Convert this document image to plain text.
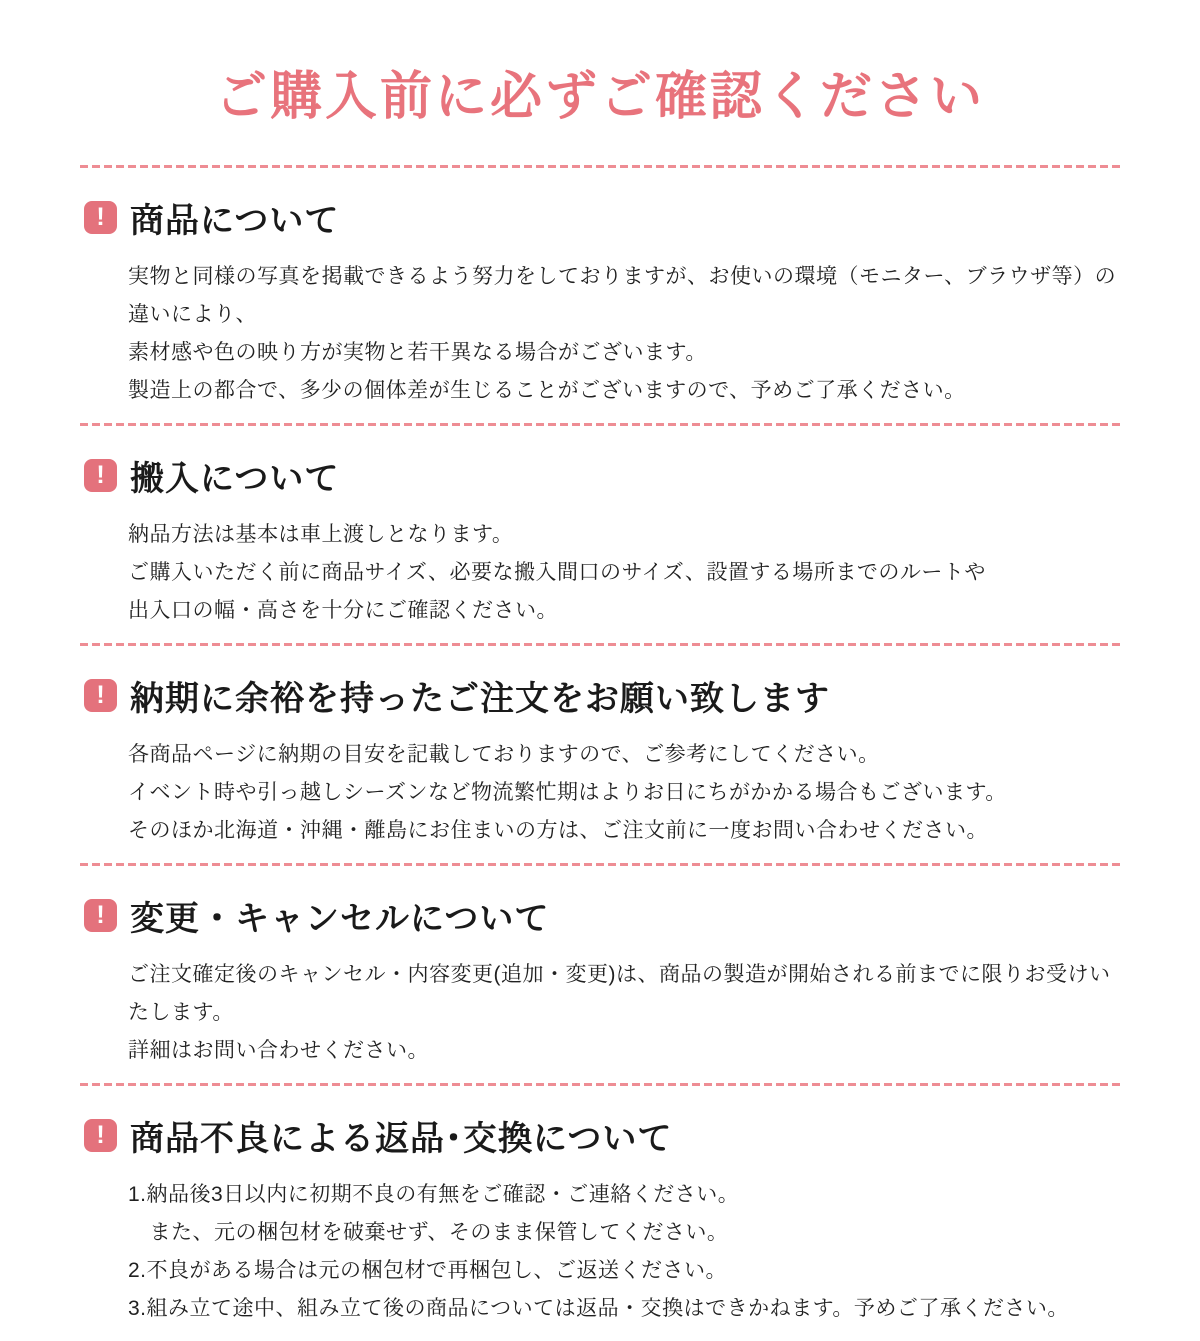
ご購入前に必ずご確認ください
! 商品について

実物と同様の写真を掲載できるよう努力をしておりますが、お使いの環境（モニター、ブラウザ等）の違いにより、

素材感や色の映り方が実物と若干異なる場合がございます。

製造上の都合で、多少の個体差が生じることがございますので、予めご了承ください。

! 搬入について

納品方法は基本は車上渡しとなります。

ご購入いただく前に商品サイズ、必要な搬入間口のサイズ、設置する場所までのルートや

出入口の幅・高さを十分にご確認ください。

! 納期に余裕を持ったご注文をお願い致します

各商品ページに納期の目安を記載しておりますので、ご参考にしてください。

イベント時や引っ越しシーズンなど物流繁忙期はよりお日にちがかかる場合もございます。

そのほか北海道・沖縄・離島にお住まいの方は、ご注文前に一度お問い合わせください。

! 変更・キャンセルについて

ご注文確定後のキャンセル・内容変更(追加・変更)は、商品の製造が開始される前までに限りお受けいたします。

詳細はお問い合わせください。

! 商品不良による返品･交換について

1.納品後3日以内に初期不良の有無をご確認・ご連絡ください。

　また、元の梱包材を破棄せず、そのまま保管してください。

2.不良がある場合は元の梱包材で再梱包し、ご返送ください。

3.組み立て途中、組み立て後の商品については返品・交換はできかねます。予めご了承ください。
